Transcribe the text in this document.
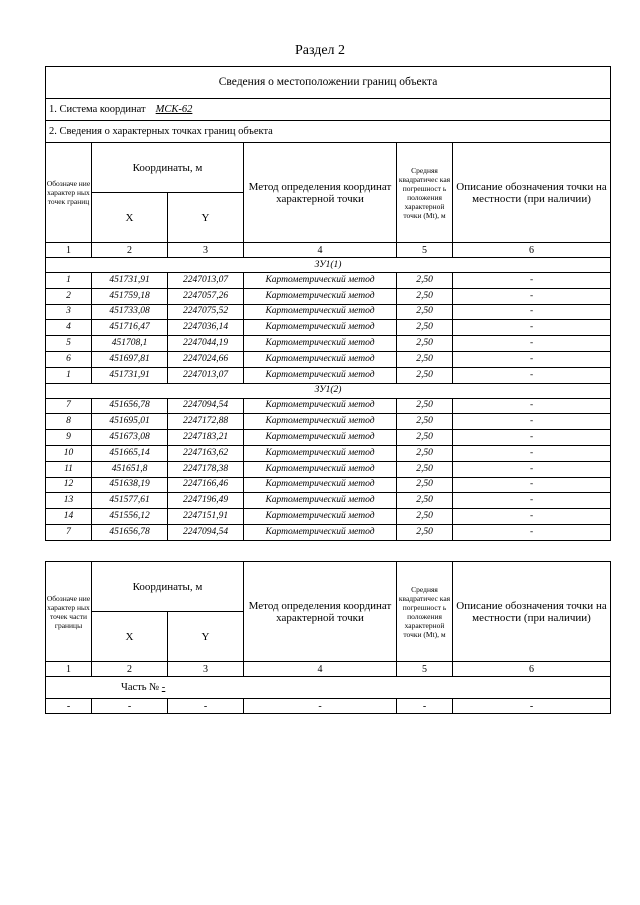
Раздел 2
Сведения о местоположении границ объекта					
1. Система координат МСК-62					
2. Сведения о характерных точках границ объекта					
Обозначе ние характер ных точек границ	Координаты, м		Метод определения координат характерной точки	Средняя квадратичес кая погрешност ь положения характерной точки (Mt), м	Описание обозначения точки на местности (при наличии)
	X	Y			
1	2	3	4	5	6
ЗУ1(1)					
1	451731,91	2247013,07	Картометрический метод	2,50	-
2	451759,18	2247057,26	Картометрический метод	2,50	-
3	451733,08	2247075,52	Картометрический метод	2,50	-
4	451716,47	2247036,14	Картометрический метод	2,50	-
5	451708,1	2247044,19	Картометрический метод	2,50	-
6	451697,81	2247024,66	Картометрический метод	2,50	-
1	451731,91	2247013,07	Картометрический метод	2,50	-
ЗУ1(2)					
7	451656,78	2247094,54	Картометрический метод	2,50	-
8	451695,01	2247172,88	Картометрический метод	2,50	-
9	451673,08	2247183,21	Картометрический метод	2,50	-
10	451665,14	2247163,62	Картометрический метод	2,50	-
11	451651,8	2247178,38	Картометрический метод	2,50	-
12	451638,19	2247166,46	Картометрический метод	2,50	-
13	451577,61	2247196,49	Картометрический метод	2,50	-
14	451556,12	2247151,91	Картометрический метод	2,50	-
7	451656,78	2247094,54	Картометрический метод	2,50	-
Обозначе ние характер ных точек части границы	Координаты, м		Метод определения координат характерной точки	Средняя квадратичес кая погрешност ь положения характерной точки (Mt), м	Описание обозначения точки на местности (при наличии)
	X	Y			
1	2	3	4	5	6
Часть № -					
-	-	-	-	-	-
